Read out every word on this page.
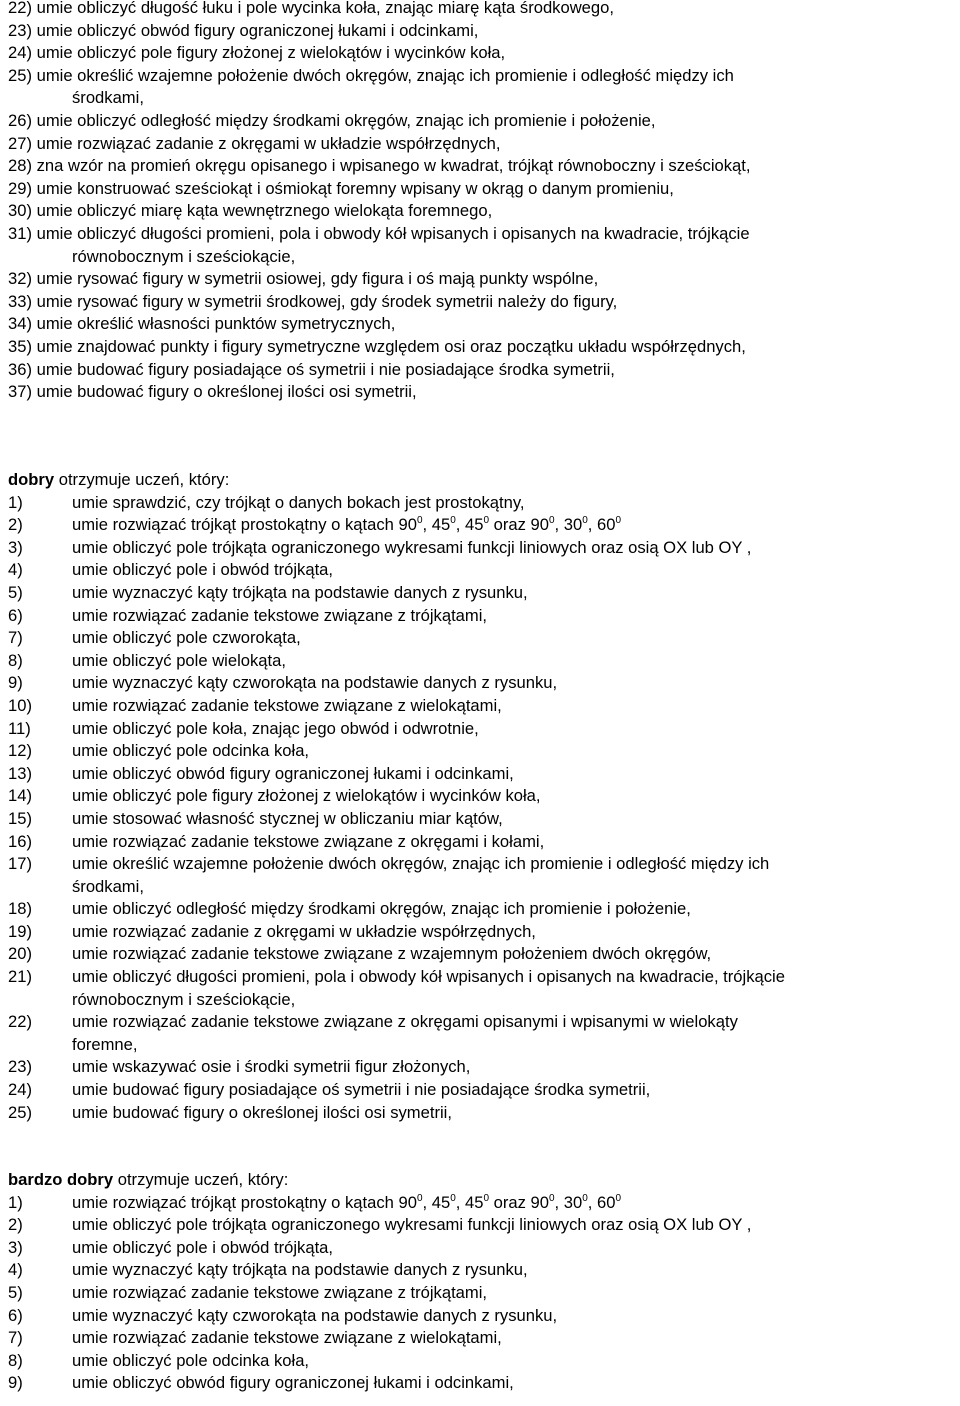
22) umie obliczyć długość łuku i pole wycinka koła, znając miarę kąta środkowego,
23) umie obliczyć obwód figury ograniczonej łukami i odcinkami,
24) umie obliczyć pole figury złożonej z wielokątów i wycinków koła,
25) umie określić wzajemne położenie dwóch okręgów, znając ich promienie i odległość między ich
środkami,
26) umie obliczyć odległość między środkami okręgów, znając ich promienie i położenie,
27) umie rozwiązać zadanie z okręgami w układzie współrzędnych,
28) zna wzór na promień okręgu opisanego i wpisanego w kwadrat, trójkąt równoboczny i sześciokąt,
29) umie konstruować sześciokąt i ośmiokąt foremny wpisany w okrąg o danym promieniu,
30) umie obliczyć miarę kąta wewnętrznego wielokąta foremnego,
31) umie obliczyć długości promieni, pola i obwody kół wpisanych i opisanych na kwadracie, trójkącie
równobocznym i sześciokącie,
32) umie rysować figury w symetrii osiowej, gdy figura i oś mają punkty wspólne,
33) umie rysować figury w symetrii środkowej, gdy środek symetrii należy do figury,
34) umie określić własności punktów symetrycznych,
35) umie znajdować punkty i figury symetryczne względem osi oraz początku układu współrzędnych,
36) umie budować figury posiadające oś symetrii i nie posiadające środka symetrii,
37) umie budować figury o określonej ilości osi symetrii,
dobry otrzymuje uczeń, który:
1)	umie sprawdzić, czy trójkąt o danych bokach jest prostokątny,
2)	umie rozwiązać trójkąt prostokątny o kątach $90^0$, $45^0$, $45^0$ oraz $90^0$, $30^0$, $60^0$
3)	umie obliczyć pole trójkąta ograniczonego wykresami funkcji liniowych oraz osią OX lub OY ,
4)	umie obliczyć pole i obwód trójkąta,
5)	umie wyznaczyć kąty trójkąta na podstawie danych z rysunku,
6)	umie rozwiązać zadanie tekstowe związane z trójkątami,
7)	umie obliczyć pole czworokąta,
8)	umie obliczyć pole wielokąta,
9)	umie wyznaczyć kąty czworokąta na podstawie danych z rysunku,
10) umie rozwiązać zadanie tekstowe związane z wielokątami,
11) umie obliczyć pole koła, znając jego obwód i odwrotnie,
12) umie obliczyć pole odcinka koła,
13) umie obliczyć obwód figury ograniczonej łukami i odcinkami,
14) umie obliczyć pole figury złożonej z wielokątów i wycinków koła,
15) umie stosować własność stycznej w obliczaniu miar kątów,
16) umie rozwiązać zadanie tekstowe związane z okręgami i kołami,
17) umie określić wzajemne położenie dwóch okręgów, znając ich promienie i odległość między ich
środkami,
18) umie obliczyć odległość między środkami okręgów, znając ich promienie i położenie,
19) umie rozwiązać zadanie z okręgami w układzie współrzędnych,
20) umie rozwiązać zadanie tekstowe związane z wzajemnym położeniem dwóch okręgów,
21) umie obliczyć długości promieni, pola i obwody kół wpisanych i opisanych na kwadracie, trójkącie
równobocznym i sześciokącie,
22) umie rozwiązać zadanie tekstowe związane z okręgami opisanymi i wpisanymi w wielokąty
foremne,
23) umie wskazywać osie i środki symetrii figur złożonych,
24) umie budować figury posiadające oś symetrii i nie posiadające środka symetrii,
25) umie budować figury o określonej ilości osi symetrii,
bardzo dobry otrzymuje uczeń, który:
1)	umie rozwiązać trójkąt prostokątny o kątach $90^0$, $45^0$, $45^0$ oraz $90^0$, $30^0$, $60^0$
2)	umie obliczyć pole trójkąta ograniczonego wykresami funkcji liniowych oraz osią OX lub OY ,
3)	umie obliczyć pole i obwód trójkąta,
4)	umie wyznaczyć kąty trójkąta na podstawie danych z rysunku,
5)	umie rozwiązać zadanie tekstowe związane z trójkątami,
6)	umie wyznaczyć kąty czworokąta na podstawie danych z rysunku,
7)	umie rozwiązać zadanie tekstowe związane z wielokątami,
8)	umie obliczyć pole odcinka koła,
9)	umie obliczyć obwód figury ograniczonej łukami i odcinkami,
